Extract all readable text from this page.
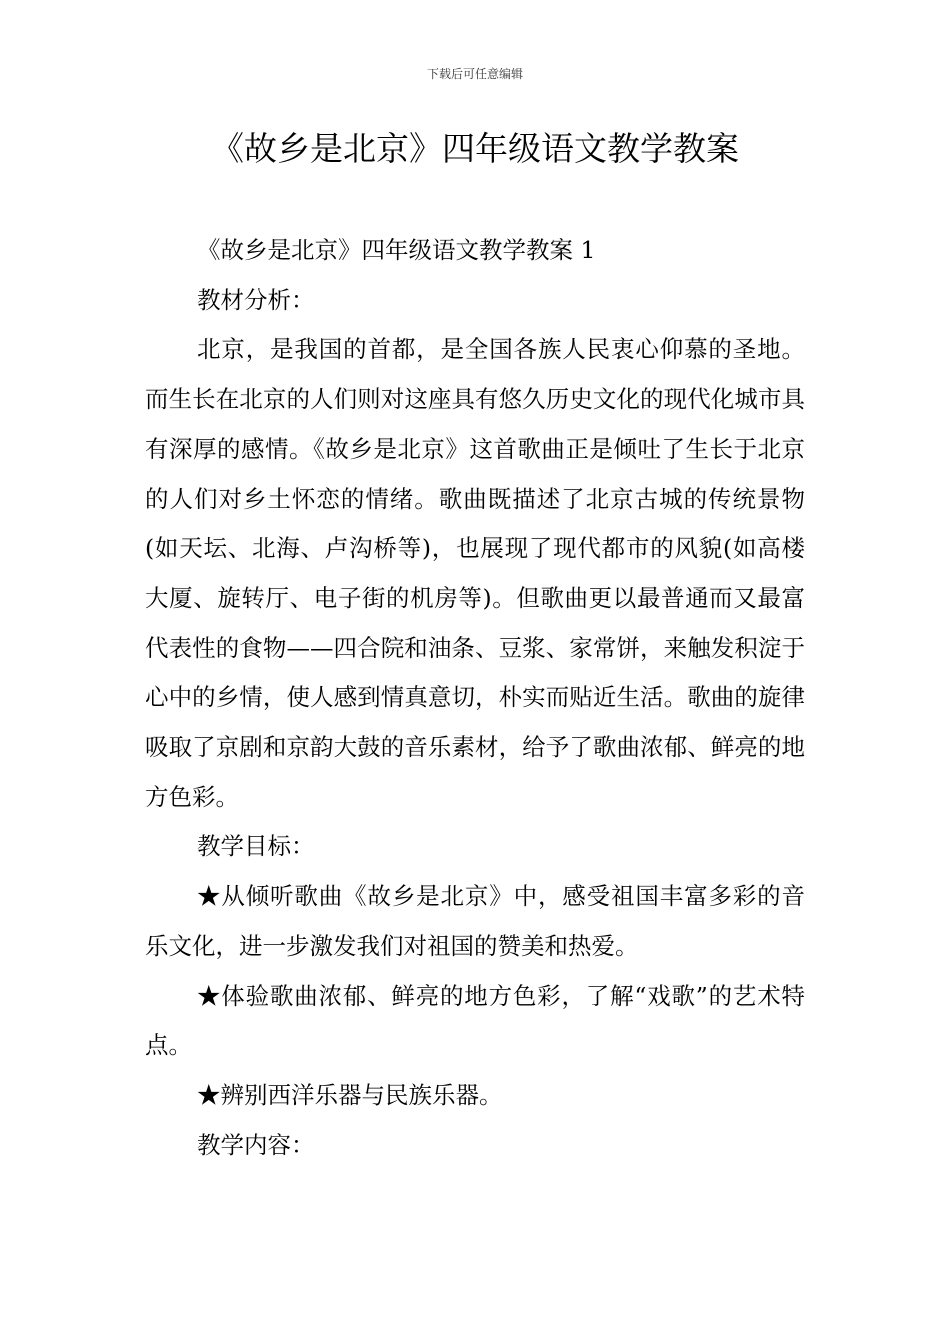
下载后可任意编辑
《故乡是北京》四年级语文教学教案

《故乡是北京》四年级语文教学教案 1

教材分析：

北京，是我国的首都，是全国各族人民衷心仰慕的圣地。而生长在北京的人们则对这座具有悠久历史文化的现代化城市具有深厚的感情。《故乡是北京》这首歌曲正是倾吐了生长于北京的人们对乡土怀恋的情绪。歌曲既描述了北京古城的传统景物(如天坛、北海、卢沟桥等)，也展现了现代都市的风貌(如高楼大厦、旋转厅、电子街的机房等)。但歌曲更以最普通而又最富代表性的食物——四合院和油条、豆浆、家常饼，来触发积淀于心中的乡情，使人感到情真意切，朴实而贴近生活。歌曲的旋律吸取了京剧和京韵大鼓的音乐素材，给予了歌曲浓郁、鲜亮的地方色彩。

教学目标：

★从倾听歌曲《故乡是北京》中，感受祖国丰富多彩的音乐文化，进一步激发我们对祖国的赞美和热爱。

★体验歌曲浓郁、鲜亮的地方色彩，了解“戏歌”的艺术特点。

★辨别西洋乐器与民族乐器。

教学内容：
